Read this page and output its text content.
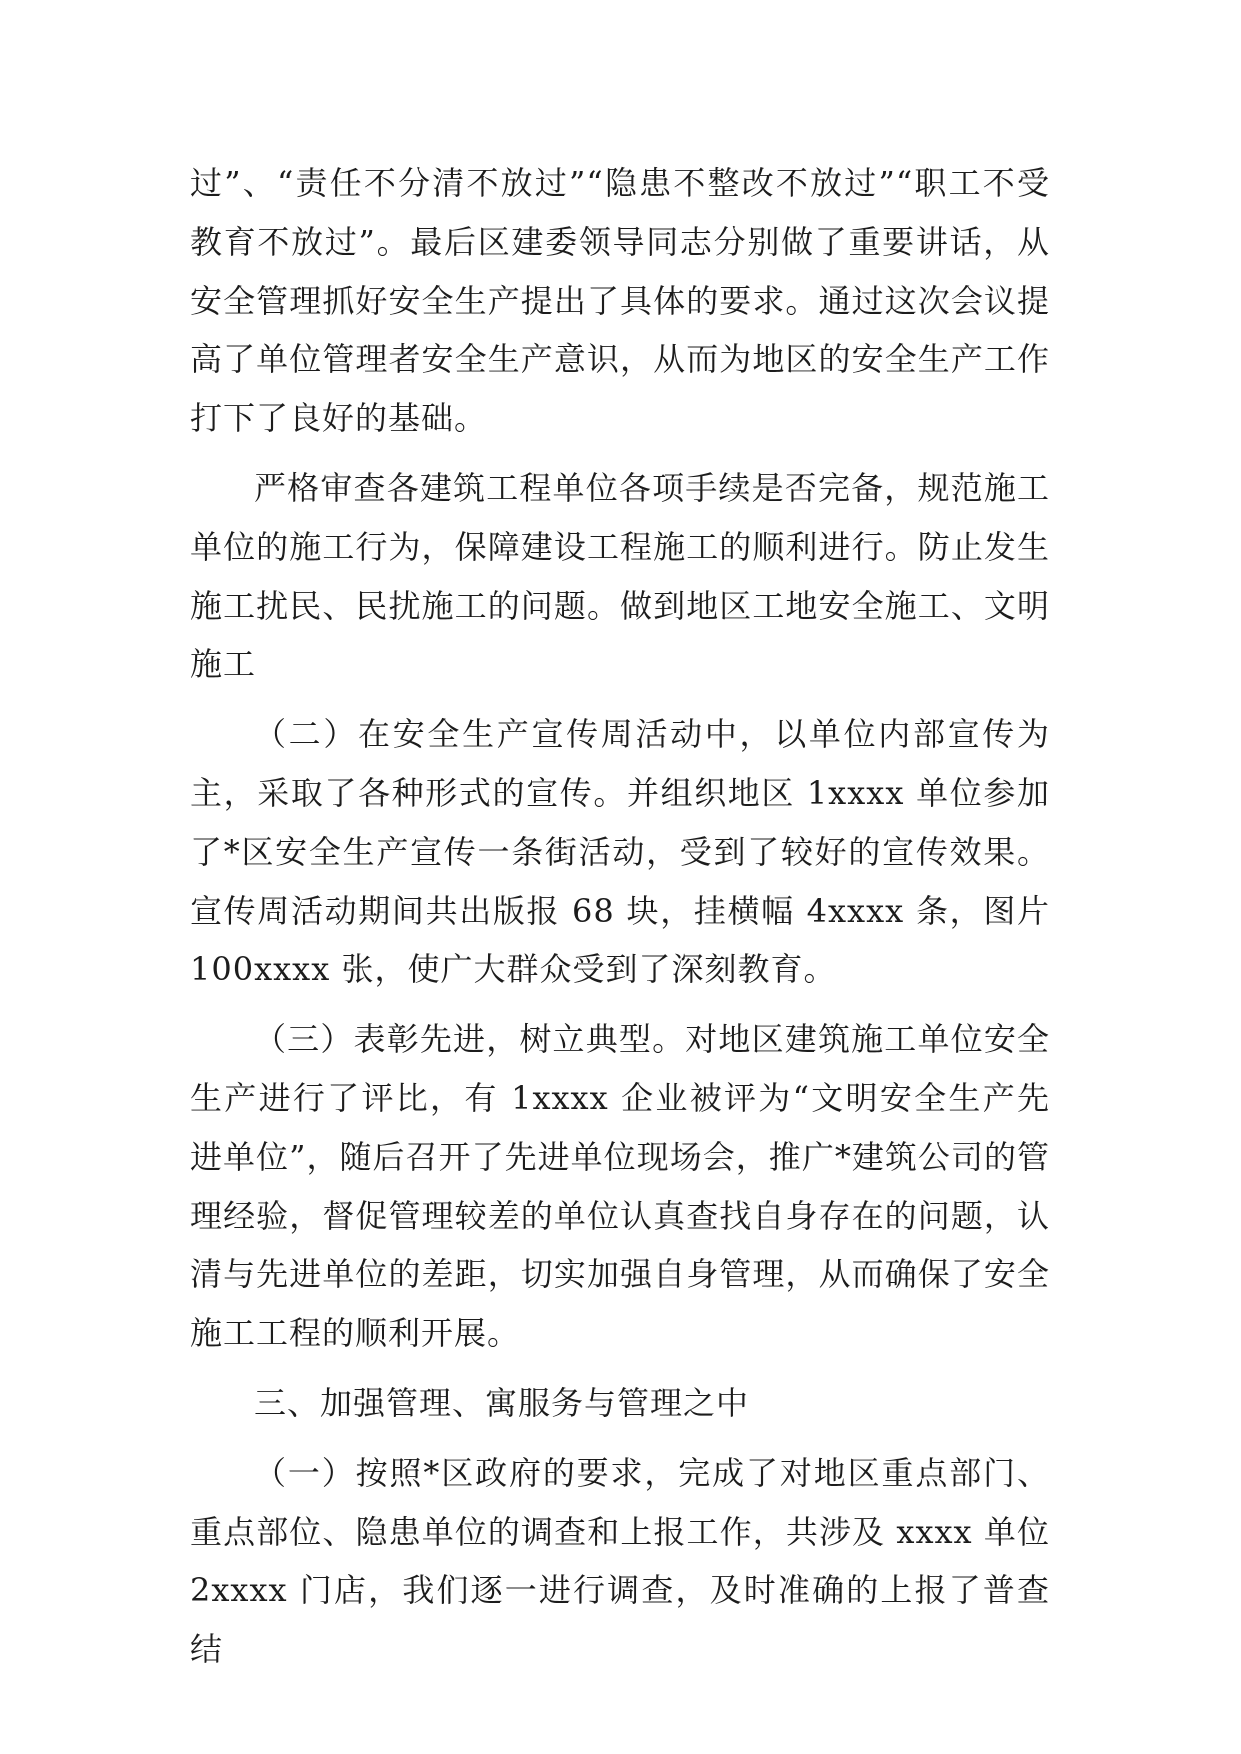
过”、“责任不分清不放过”“隐患不整改不放过”“职工不受教育不放过”。最后区建委领导同志分别做了重要讲话，从安全管理抓好安全生产提出了具体的要求。通过这次会议提高了单位管理者安全生产意识，从而为地区的安全生产工作打下了良好的基础。

严格审查各建筑工程单位各项手续是否完备，规范施工单位的施工行为，保障建设工程施工的顺利进行。防止发生施工扰民、民扰施工的问题。做到地区工地安全施工、文明施工

（二）在安全生产宣传周活动中，以单位内部宣传为主，采取了各种形式的宣传。并组织地区 1xxxx 单位参加了*区安全生产宣传一条街活动，受到了较好的宣传效果。宣传周活动期间共出版报 68 块，挂横幅 4xxxx 条，图片 100xxxx 张，使广大群众受到了深刻教育。

（三）表彰先进，树立典型。对地区建筑施工单位安全生产进行了评比，有 1xxxx 企业被评为“文明安全生产先进单位”，随后召开了先进单位现场会，推广*建筑公司的管理经验，督促管理较差的单位认真查找自身存在的问题，认清与先进单位的差距，切实加强自身管理，从而确保了安全施工工程的顺利开展。

三、加强管理、寓服务与管理之中

（一）按照*区政府的要求，完成了对地区重点部门、重点部位、隐患单位的调查和上报工作，共涉及 xxxx 单位 2xxxx 门店，我们逐一进行调查，及时准确的上报了普查结
